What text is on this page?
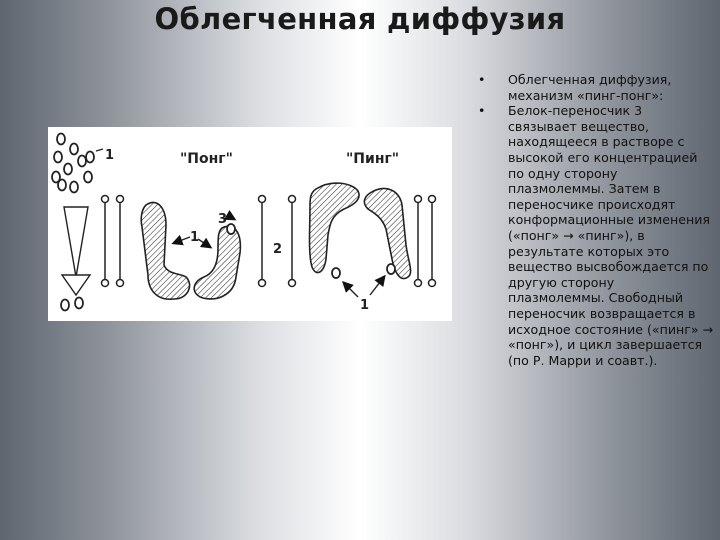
Облегченная диффузия
1	"Понг"
3
1
2
"Пинг"
1
•	Облегченная диффузия, механизм «пинг-понг»:
•	Белок-переносчик 3 связывает вещество, находящееся в растворе с высокой его концентрацией по одну сторону плазмолеммы. Затем в переносчике происходят конформационные изменения («понг» → «пинг»), в результате которых это вещество высвобождается по другую сторону плазмолеммы. Свободный переносчик возвращается в исходное состояние («пинг» → «понг»), и цикл завершается (по Р. Марри и соавт.).
